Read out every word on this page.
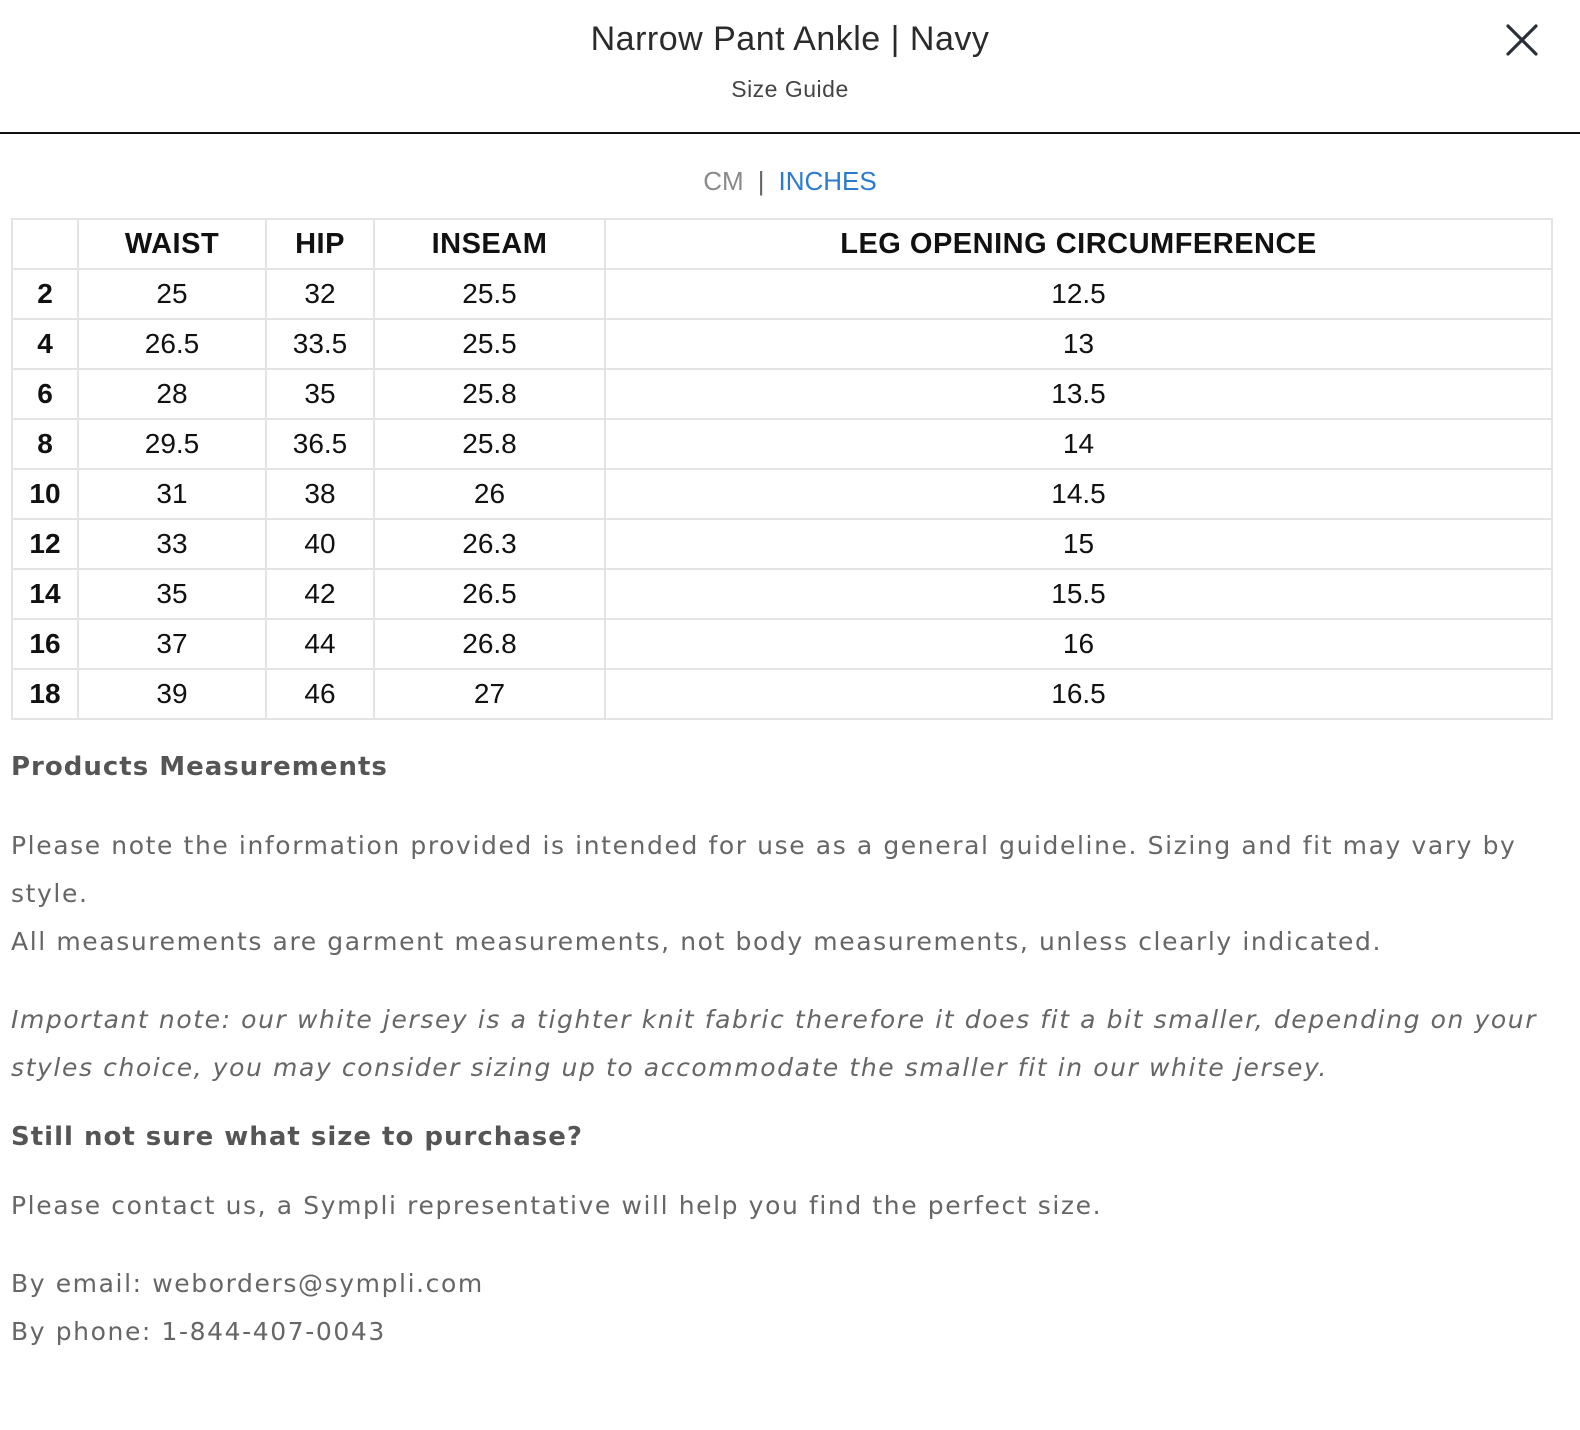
Narrow Pant Ankle | Navy
Size Guide
CM | INCHES
	WAIST	HIP	INSEAM	LEG OPENING CIRCUMFERENCE
2	25	32	25.5	12.5
4	26.5	33.5	25.5	13
6	28	35	25.8	13.5
8	29.5	36.5	25.8	14
10	31	38	26	14.5
12	33	40	26.3	15
14	35	42	26.5	15.5
16	37	44	26.8	16
18	39	46	27	16.5
Products Measurements

Please note the information provided is intended for use as a general guideline. Sizing and fit may vary by style.

All measurements are garment measurements, not body measurements, unless clearly indicated.

Important note: our white jersey is a tighter knit fabric therefore it does fit a bit smaller, depending on your styles choice, you may consider sizing up to accommodate the smaller fit in our white jersey.

Still not sure what size to purchase?

Please contact us, a Sympli representative will help you find the perfect size.

By email: weborders@sympli.com

By phone: 1-844-407-0043
